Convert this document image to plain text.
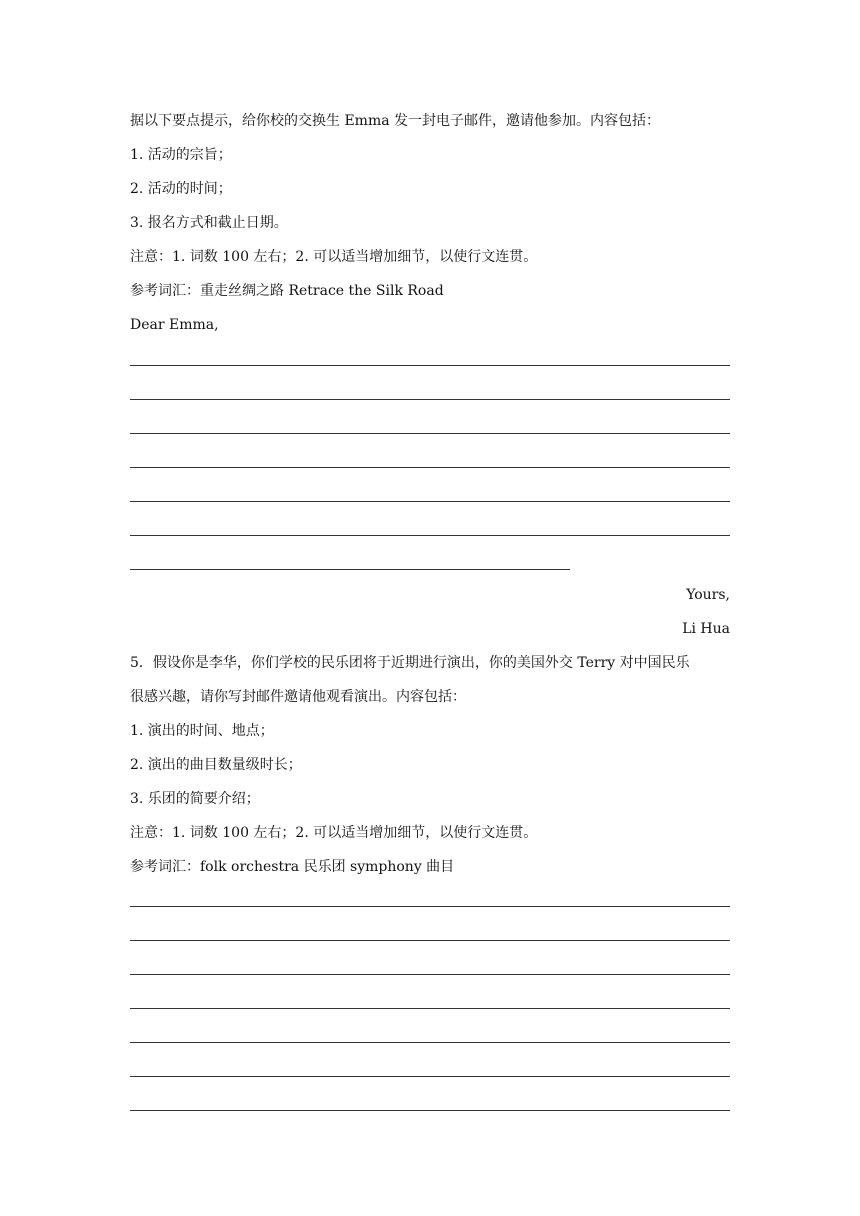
据以下要点提示，给你校的交换生 Emma 发一封电子邮件，邀请他参加。内容包括：
1. 活动的宗旨；
2. 活动的时间；
3. 报名方式和截止日期。
注意：1. 词数 100 左右；2. 可以适当增加细节，以使行文连贯。
参考词汇：重走丝绸之路 Retrace the Silk Road
Dear Emma,
Yours,
Li Hua
5．假设你是李华，你们学校的民乐团将于近期进行演出，你的美国外交 Terry 对中国民乐
很感兴趣，请你写封邮件邀请他观看演出。内容包括：
1. 演出的时间、地点；
2. 演出的曲目数量级时长；
3. 乐团的简要介绍；
注意：1. 词数 100 左右；2. 可以适当增加细节，以使行文连贯。
参考词汇：folk orchestra 民乐团 symphony 曲目
